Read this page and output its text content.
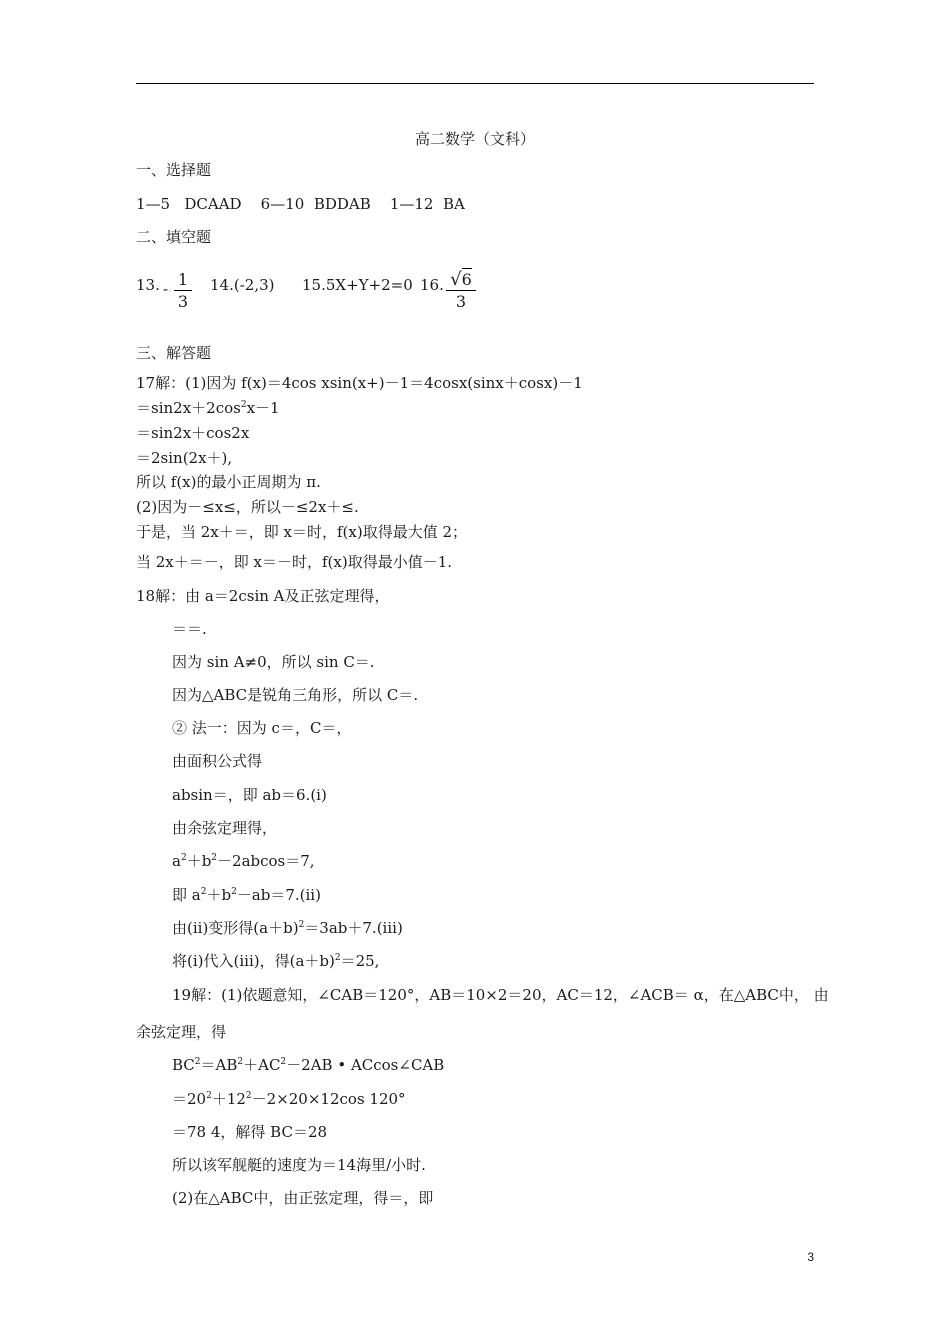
高二数学（文科）
一、选择题
1—5   DCAAD    6—10  BDDAB    1—12  BA
二、填空题
13. - $\frac{1}{3} 14.(-2,3)$ 15.5X+Y+2=0 16. $\frac{√6}{3}$
三、解答题
17解：(1)因为 f(x)＝4cos xsin(x+)－1＝4cosx(sinx＋cosx)－1
$=\sin 2x+2\cos^2x-1$
＝sin2x＋cos2x
＝2sin(2x＋),
所以 f(x)的最小正周期为 π.
(2)因为－≤x≤，所以－≤2x＋≤.
于是，当 2x＋＝，即 x＝时，f(x)取得最大值 2；
当 2x＋＝－，即 x＝－时，f(x)取得最小值－1.
18解：由 a＝2csin A及正弦定理得，
＝＝.
因为 sin A≠0，所以 sin C＝.
因为△ABC是锐角三角形，所以 C＝.
② 法一：因为 c＝，C＝，
由面积公式得
absin＝，即 ab＝6.(i)
由余弦定理得，
$a^2+b^2-2abcos=7$,
即 $a^2+b^2-ab=7.(ii)$
由(ii)变形得$(a+b)^2=3ab+7.(iii)$
将(i)代入(iii)，得$(a+b)^2=25$,
19解：(1)依题意知，∠CAB＝120°，AB＝10×2＝20，AC＝12，∠ACB＝ α，在△ABC中， 由
余弦定理，得
$BC^2=AB^2+AC^2-2AB$ • ACcos∠CAB
$=20^2+12^2-2\times 20\times 12\cos$ 120°
＝78 4，解得 BC＝28
所以该军舰艇的速度为＝14海里/小时.
(2)在△ABC中，由正弦定理，得＝，即
3
